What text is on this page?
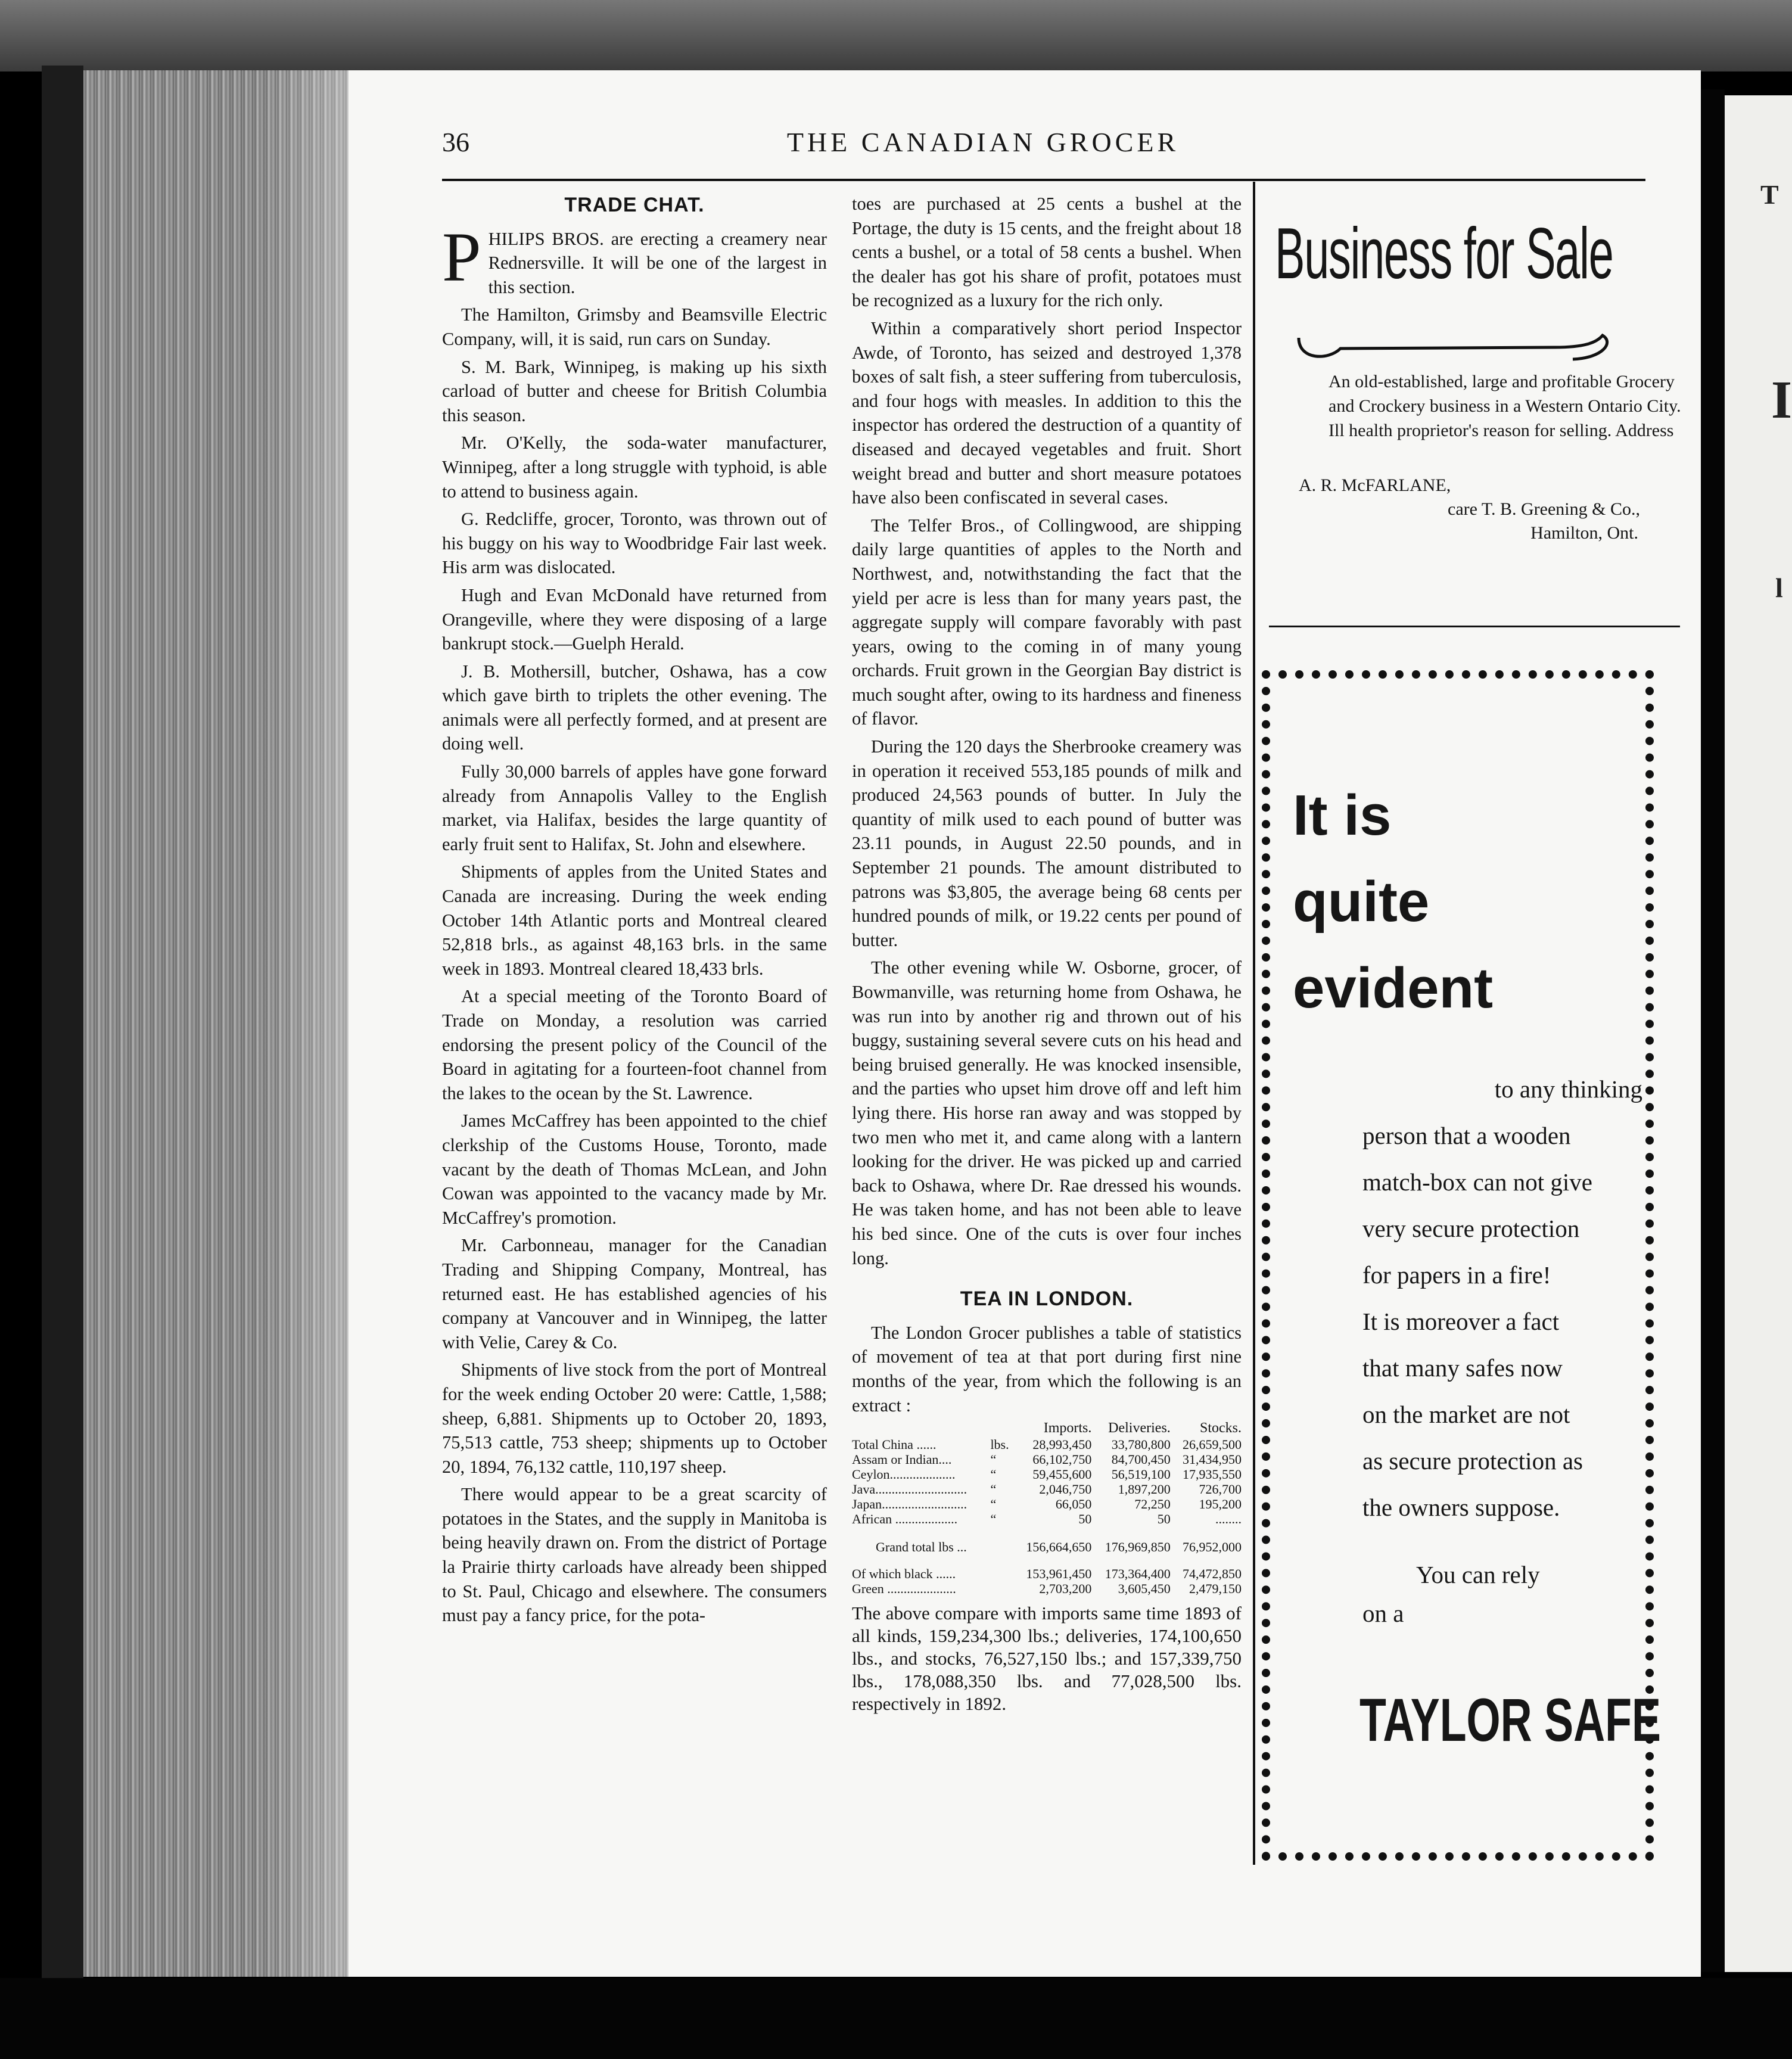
T
I
l
36	THE CANADIAN GROCER
TRADE CHAT.

PHILIPS BROS. are erecting a creamery near Rednersville. It will be one of the largest in this section.

The Hamilton, Grimsby and Beamsville Electric Company, will, it is said, run cars on Sunday.

S. M. Bark, Winnipeg, is making up his sixth carload of butter and cheese for British Columbia this season.

Mr. O'Kelly, the soda-water manufacturer, Winnipeg, after a long struggle with typhoid, is able to attend to business again.

G. Redcliffe, grocer, Toronto, was thrown out of his buggy on his way to Woodbridge Fair last week. His arm was dislocated.

Hugh and Evan McDonald have returned from Orangeville, where they were disposing of a large bankrupt stock.—Guelph Herald.

J. B. Mothersill, butcher, Oshawa, has a cow which gave birth to triplets the other evening. The animals were all perfectly formed, and at present are doing well.

Fully 30,000 barrels of apples have gone forward already from Annapolis Valley to the English market, via Halifax, besides the large quantity of early fruit sent to Halifax, St. John and elsewhere.

Shipments of apples from the United States and Canada are increasing. During the week ending October 14th Atlantic ports and Montreal cleared 52,818 brls., as against 48,163 brls. in the same week in 1893. Montreal cleared 18,433 brls.

At a special meeting of the Toronto Board of Trade on Monday, a resolution was carried endorsing the present policy of the Council of the Board in agitating for a fourteen-foot channel from the lakes to the ocean by the St. Lawrence.

James McCaffrey has been appointed to the chief clerkship of the Customs House, Toronto, made vacant by the death of Thomas McLean, and John Cowan was appointed to the vacancy made by Mr. McCaffrey's promotion.

Mr. Carbonneau, manager for the Canadian Trading and Shipping Company, Montreal, has returned east. He has established agencies of his company at Vancouver and in Winnipeg, the latter with Velie, Carey & Co.

Shipments of live stock from the port of Montreal for the week ending October 20 were: Cattle, 1,588; sheep, 6,881. Shipments up to October 20, 1893, 75,513 cattle, 753 sheep; shipments up to October 20, 1894, 76,132 cattle, 110,197 sheep.

There would appear to be a great scarcity of potatoes in the States, and the supply in Manitoba is being heavily drawn on. From the district of Portage la Prairie thirty carloads have already been shipped to St. Paul, Chicago and elsewhere. The consumers must pay a fancy price, for the pota-

toes are purchased at 25 cents a bushel at the Portage, the duty is 15 cents, and the freight about 18 cents a bushel, or a total of 58 cents a bushel. When the dealer has got his share of profit, potatoes must be recognized as a luxury for the rich only.

Within a comparatively short period Inspector Awde, of Toronto, has seized and destroyed 1,378 boxes of salt fish, a steer suffering from tuberculosis, and four hogs with measles. In addition to this the inspector has ordered the destruction of a quantity of diseased and decayed vegetables and fruit. Short weight bread and butter and short measure potatoes have also been confiscated in several cases.

The Telfer Bros., of Collingwood, are shipping daily large quantities of apples to the North and Northwest, and, notwithstanding the fact that the yield per acre is less than for many years past, the aggregate supply will compare favorably with past years, owing to the coming in of many young orchards. Fruit grown in the Georgian Bay district is much sought after, owing to its hardness and fineness of flavor.

During the 120 days the Sherbrooke creamery was in operation it received 553,185 pounds of milk and produced 24,563 pounds of butter. In July the quantity of milk used to each pound of butter was 23.11 pounds, in August 22.50 pounds, and in September 21 pounds. The amount distributed to patrons was $3,805, the average being 68 cents per hundred pounds of milk, or 19.22 cents per pound of butter.

The other evening while W. Osborne, grocer, of Bowmanville, was returning home from Oshawa, he was run into by another rig and thrown out of his buggy, sustaining several severe cuts on his head and being bruised generally. He was knocked insensible, and the parties who upset him drove off and left him lying there. His horse ran away and was stopped by two men who met it, and came along with a lantern looking for the driver. He was picked up and carried back to Oshawa, where Dr. Rae dressed his wounds. He was taken home, and has not been able to leave his bed since. One of the cuts is over four inches long.

TEA IN LONDON.

The London Grocer publishes a table of statistics of movement of tea at that port during first nine months of the year, from which the following is an extract :

		Imports.	Deliveries.	Stocks.
Total China ......	lbs.	28,993,450	33,780,800	26,659,500
Assam or Indian....	“	66,102,750	84,700,450	31,434,950
Ceylon....................	“	59,455,600	56,519,100	17,935,550
Java............................	“	2,046,750	1,897,200	726,700
Japan..........................	“	66,050	72,250	195,200
African ...................	“	50	50	........
Grand total lbs ...		156,664,650	176,969,850	76,952,000
Of which black ......		153,961,450	173,364,400	74,472,850
Green .....................		2,703,200	3,605,450	2,479,150

The above compare with imports same time 1893 of all kinds, 159,234,300 lbs.; deliveries, 174,100,650 lbs., and stocks, 76,527,150 lbs.; and 157,339,750 lbs., 178,088,350 lbs. and 77,028,500 lbs. respectively in 1892.

Business for Sale
An old-established, large and profitable Grocery and Crockery business in a Western Ontario City. Ill health proprietor's reason for selling. Address
A. R. McFARLANE,
care T. B. Greening & Co.,
Hamilton, Ont.
It is
quite
evident
to any thinking
person that a wooden
match-box can not give
very secure protection
for papers in a fire!
It is moreover a fact
that many safes now
on the market are not
as secure protection as
the owners suppose.
You can rely
on a
TAYLOR SAFE
